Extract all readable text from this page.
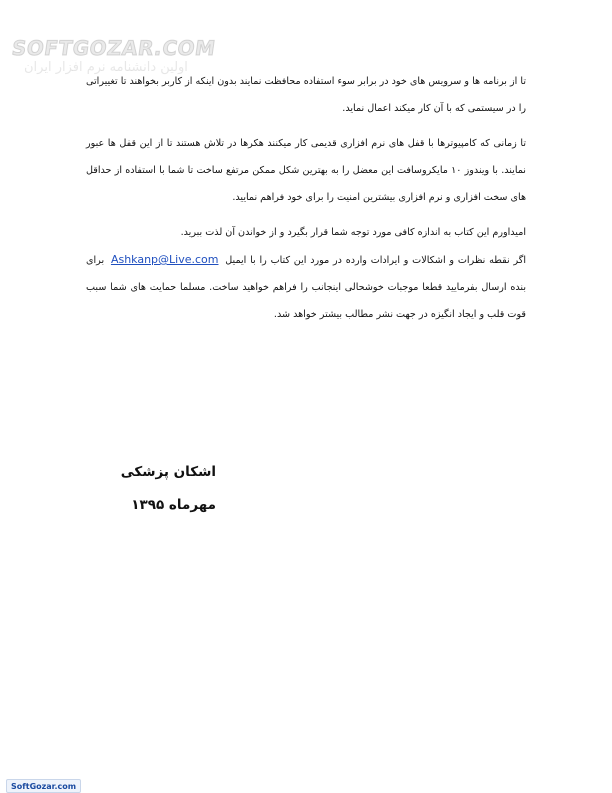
SOFTGOZAR.COM
اولین دانشنامه نرم افزار ایران

تا از برنامه ها و سرویس های خود در برابر سوء استفاده محافظت نمایند بدون اینکه از کاربر بخواهند تا تغییراتی را در سیستمی که با آن کار میکند اعمال نماید.

تا زمانی که کامپیوترها با قفل های نرم افزاری قدیمی کار میکنند هکرها در تلاش هستند تا از این قفل ها عبور نمایند. با ویندوز ۱۰ مایکروسافت این معضل را به بهترین شکل ممکن مرتفع ساخت تا شما با استفاده از حداقل های سخت افزاری و نرم افزاری بیشترین امنیت را برای خود فراهم نمایید.

امیداورم این کتاب به اندازه کافی مورد توجه شما قرار بگیرد و از خواندن آن لذت ببرید.

اگر نقطه نظرات و اشکالات و ایرادات وارده در مورد این کتاب را با ایمیل Ashkanp@Live.com برای بنده ارسال بفرمایید قطعا موجبات خوشحالی اینجانب را فراهم خواهید ساخت. مسلما حمایت های شما سبب قوت قلب و ایجاد انگیزه در جهت نشر مطالب بیشتر خواهد شد.

اشکان پزشکی
مهرماه ۱۳۹۵
SoftGozar.com
